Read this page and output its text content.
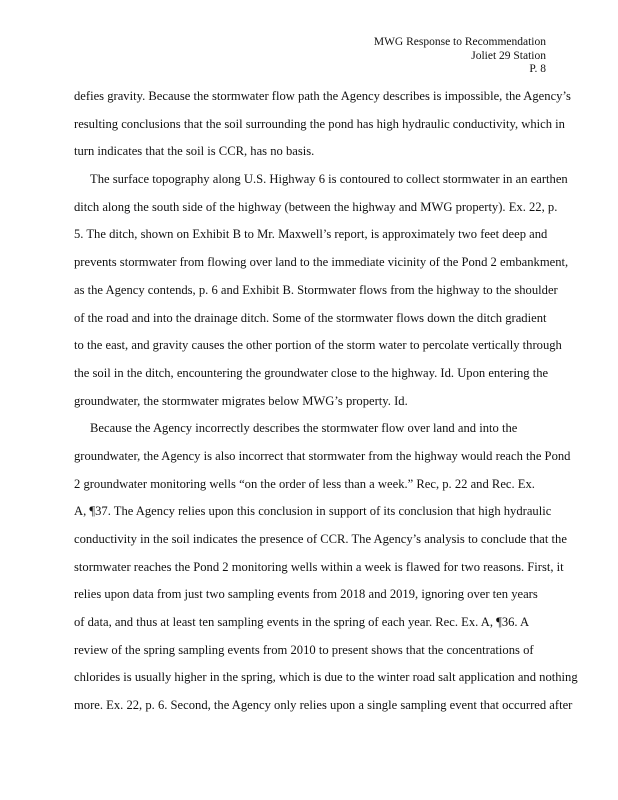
MWG Response to Recommendation
Joliet 29 Station
P. 8
defies gravity. Because the stormwater flow path the Agency describes is impossible, the Agency’s
resulting conclusions that the soil surrounding the pond has high hydraulic conductivity, which in
turn indicates that the soil is CCR, has no basis.
The surface topography along U.S. Highway 6 is contoured to collect stormwater in an earthen
ditch along the south side of the highway (between the highway and MWG property). Ex. 22, p.
5. The ditch, shown on Exhibit B to Mr. Maxwell’s report, is approximately two feet deep and
prevents stormwater from flowing over land to the immediate vicinity of the Pond 2 embankment,
as the Agency contends, p. 6 and Exhibit B. Stormwater flows from the highway to the shoulder
of the road and into the drainage ditch. Some of the stormwater flows down the ditch gradient
to the east, and gravity causes the other portion of the storm water to percolate vertically through
the soil in the ditch, encountering the groundwater close to the highway. Id. Upon entering the
groundwater, the stormwater migrates below MWG’s property. Id.
Because the Agency incorrectly describes the stormwater flow over land and into the
groundwater, the Agency is also incorrect that stormwater from the highway would reach the Pond
2 groundwater monitoring wells “on the order of less than a week.” Rec, p. 22 and Rec. Ex.
A, ¶37. The Agency relies upon this conclusion in support of its conclusion that high hydraulic
conductivity in the soil indicates the presence of CCR. The Agency’s analysis to conclude that the
stormwater reaches the Pond 2 monitoring wells within a week is flawed for two reasons. First, it
relies upon data from just two sampling events from 2018 and 2019, ignoring over ten years
of data, and thus at least ten sampling events in the spring of each year. Rec. Ex. A, ¶36. A
review of the spring sampling events from 2010 to present shows that the concentrations of
chlorides is usually higher in the spring, which is due to the winter road salt application and nothing
more. Ex. 22, p. 6. Second, the Agency only relies upon a single sampling event that occurred after
